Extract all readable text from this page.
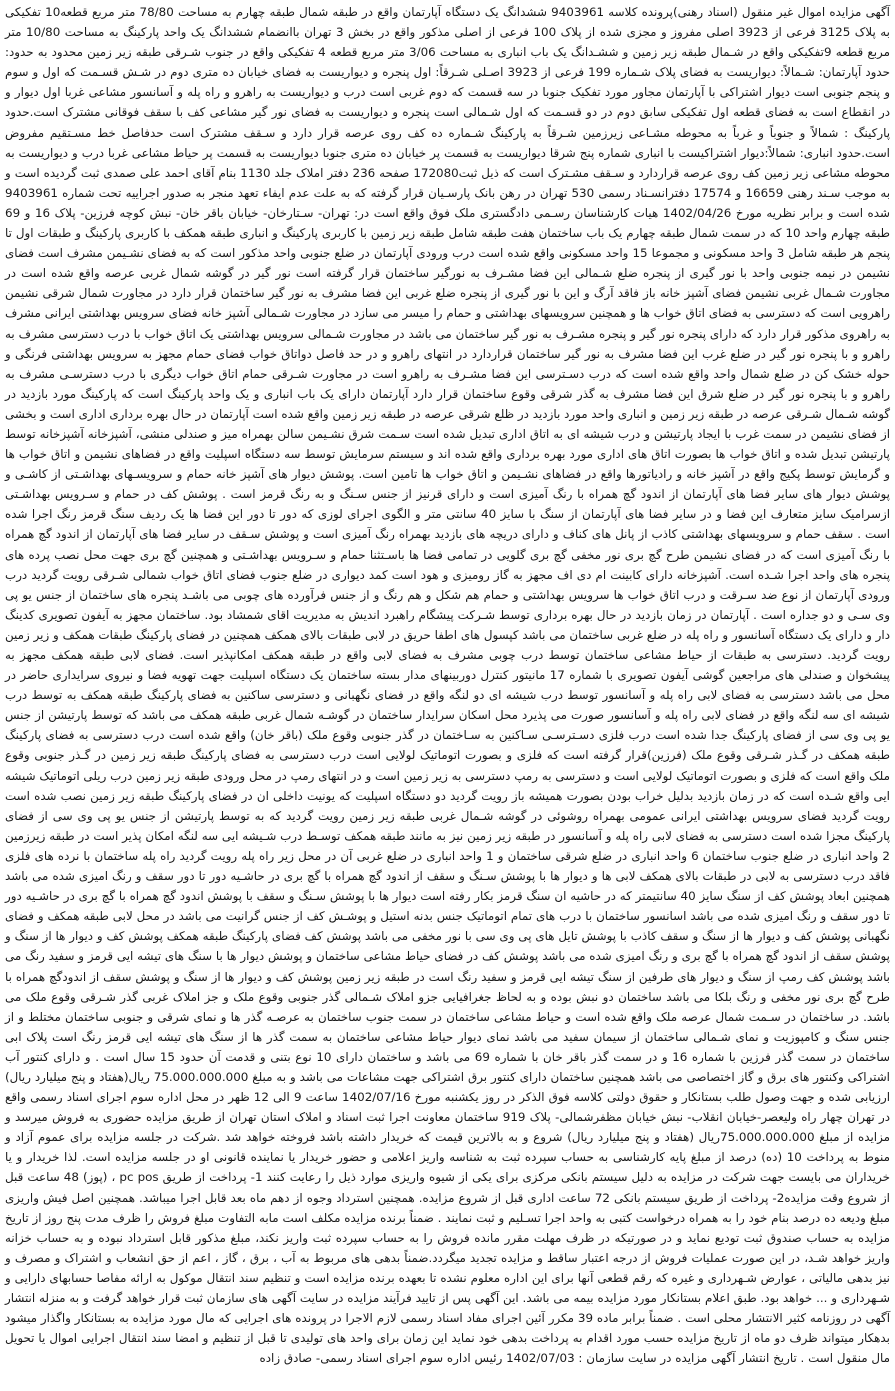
آگهی مزایده اموال غیر منقول (اسناد رهنی)پرونده کلاسه 9403961 ششدانگ یک دستگاه آپارتمان واقع در طبقه شمال طبقه چهارم به مساحت 78/80 متر مربع قطعه10 تفکیکی به پلاک 3125 فرعی از 3923 اصلی مفروز و مجزی شده از پلاک 100 فرعی از اصلی مذکور واقع در بخش 3 تهران باانضمام ششدانگ یک واحد پارکینگ به مساحت 10/80 متر مربع قطعه 9تفکیکی واقع در شـمال طبقه زیر زمین و ششـدانگ یک باب انباری به مساحت 3/06 متر مربع قطعه 4 تفکیکی واقع در جنوب شـرقی طبقه زیر زمین محدود به حدود: حدود آپارتمان: شـمالاً: دیواریست به فضای پلاک شـماره 199 فرعی از 3923 اصـلی شـرقاً: اول پنجره و دیواریست به فضای خیابان ده متری دوم در شـش قسـمت که اول و سوم و پنجم جنوبی است دیوار اشتراکی با آپارتمان مجاور مورد تفکیک جنوبا در سه قسمت که دوم غربی است درب و دیواریست به راهرو و راه پله و آسانسور مشاعی غربا اول دیوار و در انقطاع است به فضای قطعه اول تفکیکی سابق دوم در دو قسـمت که اول شـمالی است پنجره و دیواریست به فضای نور گیر مشاعی کف با سقف فوقانی مشترک است.حدود پارکینگ : شمالاً و جنوباً و غرباً به محوطه مشـاعی زیرزمین شـرقاً به پارکینگ شـماره ده کف روی عرصه قرار دارد و سـقف مشترک است حدفاصل خط مسـتقیم مفروض است.حدود انباری: شمالاً:دیوار اشتراکیست با انباری شماره پنج شرقا دیواریست به قسمت پر خیابان ده متری جنوبا دیواریست به قسمت پر حیاط مشاعی غربا درب و دیواریست به محوطه مشاعی زیر زمین کف روی عرصه قراردارد و سـقف مشـترک است که ذیل ثبت172080 صفحه 236 دفتر املاک جلد 1130 بنام آقای احمد علی صمدی ثبت گردیده است و به موجب سـند رهنی 16659 و 17574 دفترانسـناد رسمی 530 تهران در رهن بانک پارسـیان قرار گرفته که به علت عدم ایفاء تعهد منجر به صدور اجراییه تحت شماره 9403961 شده است و برابر نظریه مورخ 1402/04/26 هیات کارشناسان رسـمی دادگستری ملک فوق واقع است در: تهران- سـتارخان- خیابان باقر خان- نبش کوچه فرزین- پلاک 16 و 69 طبقه چهارم واحد 10 که در سمت شمال طبقه چهارم یک باب ساختمان هفت طبقه شامل طبقه زیر زمین با کاربری پارکینگ و انباری طبقه همکف با کاربری پارکینگ و طبقات اول تا پنجم هر طبقه شامل 3 واحد مسکونی و مجموعا 15 واحد مسکونی واقع شده است درب ورودی آپارتمان در ضلع جنوبی واحد مذکور است که به فضای نشـیمن مشرف است فضای نشیمن در نیمه جنوبی واحد با نور گیری از پنجره ضلع شـمالی این فضا مشـرف به نورگیر ساختمان قرار گرفته است نور گیر در گوشه شمال غربی عرصه واقع شده است در مجاورت شـمال غربی نشیمن فضای آشپز خانه باز فاقد آرگ و این با نور گیری از پنجره ضلع غربی این فضا مشرف به نور گیر ساختمان قرار دارد در مجاورت شمال شرقی نشیمن راهرویی است که دسترسی به فضای اتاق خواب ها و همچنین سرویسهای بهداشتی و حمام را میسر می سازد در مجاورت شـمالی آشپز خانه فضای سرویس بهداشتی ایرانی مشرف به راهروی مذکور قرار دارد که دارای پنجره نور گیر و پنجره مشـرف به نور گیر ساختمان می باشد در مجاورت شـمالی سرویس بهداشتی یک اتاق خواب با درب دسترسی مشرف به راهرو و با پنجره نور گیر در ضلع غرب این فضا مشرف به نور گیر ساختمان قراردارد در انتهای راهرو و در حد فاصل دواتاق خواب فضای حمام مجهز به سرویس بهداشتی فرنگی و حوله خشک کن در ضلع شمال واحد واقع شده است که درب دسـترسی این فضا مشـرف به راهرو است در مجاورت شـرقی حمام اتاق خواب دیگری با درب دسترسـی مشرف به راهرو و با پنجره نور گیر در ضلع شرق این فضا مشرف به گذر شرقی وقوع ساختمان قرار دارد آپارتمان دارای یک باب انباری و یک واحد پارکینگ است که پارکینگ مورد بازدید در گوشه شـمال شـرقی عرصه در طبقه زیر زمین و انباری واحد مورد بازدید در ظلع شرقی عرصه در طبقه زیر زمین واقع شده است آپارتمان در حال بهره برداری اداری است و بخشی از فضای نشیمن در سمت غرب با ایجاد پارتیشن و درب شیشه ای به اتاق اداری تبدیل شده است سـمت شرق نشـیمن سالن بهمراه میز و صندلی منشی، آشپزخانه آشپزخانه توسط پارتیشن تبدیل شده و اتاق خواب ها بصورت اتاق های اداری مورد بهره برداری واقع شده اند و سیستم سرمایش توسط سه دستگاه اسپلیت واقع در فضاهای نشیمن و اتاق خواب ها و گرمایش توسط پکیج واقع در آشپز خانه و رادیاتورها واقع در فضاهای نشـیمن و اتاق خواب ها تامین است. پوشش دیوار های آشپز خانه حمام و سرویسـهای بهداشـتی از کاشـی و پوشش دیوار های سایر فضا های آپارتمان از اندود گچ همراه با رنگ آمیزی است و دارای قرنیز از جنس سـنگ و به رنگ قرمز است . پوشش کف در حمام و سـرویس بهداشـتی ازسرامیک سایز متعارف این فضا و در سایر فضا های آپارتمان از سنگ با سایز 40 سانتی متر و الگوی اجرای لوزی که دور تا دور این فضا ها یک ردیف سنگ قرمز رنگ اجرا شده است . سقف حمام و سرویسهای بهداشتی کاذب از پانل های کناف و دارای دریچه های بازدید بهمراه رنگ آمیزی است و پوشش سـقف در سایر فضا های آپارتمان از اندود گچ همراه با رنگ آمیزی است که در فضای نشیمن طرح گچ بری نور مخفی گچ بری گلویی در تمامی فضا ها باسـتثنا حمام و سـرویس بهداشـتی و همچنین گچ بری جهت محل نصب پرده های پنجره های واحد اجرا شـده است. آشپزخانه دارای کابینت ام دی اف مجهز به گاز رومیزی و هود است کمد دیواری در ضلع جنوب فضای اتاق خواب شمالی شـرقی رویت گردید درب ورودی آپارتمان از نوع ضد سـرقت و درب اتاق خواب ها سرویس بهداشتی و حمام هم شکل و هم رنگ و از جنس فرآورده های چوبی می باشـد پنجره های ساختمان از جنس یو پی وی سـی و دو جداره است . آپارتمان در زمان بازدید در حال بهره برداری توسط شـرکت پیشگام راهبرد اندیش به مدیریت اقای شمشاد بود. ساختمان مجهز به آیفون تصویری کدینگ دار و دارای یک دستگاه آسانسور و راه پله در ضلع غربی ساختمان می باشد کپسول های اطفا حریق در لابی طبقات بالای همکف همچنین در فضای پارکینگ طبقات همکف و زیر زمین رویت گردید. دسترسی به طبقات از حیاط مشاعی ساختمان توسط درب چوبی مشرف به فضای لابی واقع در طبقه همکف امکانپذیر است. فضای لابی طبقه همکف مجهز به پیشخوان و صندلی های مراجعین گوشی آیفون تصویری با شماره 17 مانیتور کنترل دوربینهای مدار بسته ساختمان یک دستگاه اسپلیت جهت تهویه فضا و نیروی سرایداری حاضر در محل می باشد دسترسی به فضای لابی راه پله و آسانسور توسط درب شیشه ای دو لنگه واقع در فضای نگهبانی و دسترسی ساکنین به فضای پارکینگ طبقه همکف به توسط درب شیشه ای سه لنگه واقع در فضای لابی راه پله و آسانسور صورت می پذیرد محل اسکان سرایدار ساختمان در گوشـه شمال غربی طبقه همکف می باشد که توسط پارتیشن از جنس یو پی وی سی از فضای پارکینگ جدا شده است درب فلزی دسـترسـی سـاکنین به سـاختمان در گذر جنوبی وقوع ملک (باقر خان) واقع شده است درب دسترسی به فضای پارکینگ طبقه همکف در گـذر شـرقی وقوع ملک (فرزین)قرار گرفته است که فلزی و بصورت اتوماتیک لولایی است درب دسترسی به فضای پارکینگ طبقه زیر زمین در گـذر جنوبی وقوع ملک واقع است که فلزی و بصورت اتوماتیک لولایی است و دسترسی به رمپ دسترسی به زیر زمین است و در انتهای رمپ در محل ورودی طبقه زیر زمین درب ریلی اتوماتیک شیشه ایی واقع شـده است که در زمان بازدید بدلیل خراب بودن بصورت همیشه باز رویت گردید دو دستگاه اسپلیت که یونیت داخلی ان در فضای پارکینگ طبقه زیر زمین نصب شده است رویت گردید فضای سرویس بهداشتی ایرانی عمومی بهمراه روشوئی در گوشه شـمال غربی طبقه زیر زمین رویت گردید که به توسط پارتیشن از جنس یو پی وی سی از فضای پارکینگ مجزا شده است دسترسی به فضای لابی راه پله و آسانسور در طبقه زیر زمین نیز به مانند طبقه همکف توسـط درب شـیشه ایی سه لنگه امکان پذیر است در طبقه زیرزمین 2 واحد انباری در ضلع جنوب ساختمان 6 واحد انباری در ضلع شرقی ساختمان و 1 واحد انباری در ضلع غربی آن در محل زیر راه پله رویت گردید راه پله ساختمان با نرده های فلزی فاقد درب دسترسی به لابی در طبقات بالای همکف لابی ها و دیوار ها با پوشش سـنگ و سقف از اندود گچ همراه با گچ بری در حاشـیه دور تا دور سقف و رنگ امیزی شده می باشد همچنین ابعاد پوشش کف از سنگ سایز 40 سانتیمتر که در حاشیه ان سنگ قرمز بکار رفته است دیوار ها با پوشش سـنگ و سقف با پوشش اندود گچ همراه با گچ بری در حاشـیه دور تا دور سقف و رنگ امیزی شده می باشد اسانسور ساختمان با درب های تمام اتوماتیک جنس بدنه استیل و پوشـش کف از جنس گرانیت می باشد در محل لابی طبقه همکف و فضای نگهبانی پوشش کف و دیوار ها از سنگ و سقف کاذب با پوشش تایل های پی وی سی با نور مخفی می باشد پوشش کف فضای پارکینگ طبقه همکف پوشش کف و دیوار ها از سنگ و پوشش سقف از اندود گچ همراه با گچ بری و رنگ امیزی شده می باشد پوشش کف در فضای حیاط مشاعی ساختمان و پوشش دیوار ها با سنگ های تیشه ایی قرمز و سفید رنگ می باشد پوشش کف رمپ از سنگ و دیوار های طرفین از سنگ تیشه ایی قرمز و سفید رنگ است در طبقه زیر زمین پوشش کف و دیوار ها از سنگ و پوشش سقف از اندودگچ همراه با طرح گچ بری نور مخفی و رنگ بلکا می باشد ساختمان دو نبش بوده و به لحاظ جغرافیایی جزو املاک شـمالی گذر جنوبی وقوع ملک و جز املاک غربی گذر شـرقی وقوع ملک می باشد. در ساختمان در سـمت شمال عرصه ملک واقع شده است و حیاط مشاعی ساختمان در سمت جنوب ساختمان به عرصـه گذر ها و نمای شرقی و جنوبی ساختمان مختلط و از جنس سنگ و کامپوزیت و نمای شـمالی ساختمان از سیمان سفید می باشد نمای دیوار حیاط مشاعی ساختمان به سمت گذر ها از سنگ های تیشه ایی قرمز رنگ است پلاک ابی ساختمان در سمت گذر فرزین با شماره 16 و در سمت گذر باقر خان با شماره 69 می باشد و ساختمان دارای 10 نوع بتنی و قدمت آن حدود 15 سال است . و دارای کنتور آب اشتراکی وکنتور های برق و گاز اختصاصی می باشد همچنین ساختمان دارای کنتور برق اشتراکی جهت مشاعات می باشد و به مبلغ 75.000.000.000 ریال(هفتاد و پنج میلیارد ریال) ارزیابی شده و جهت وصول طلب بستانکار و حقوق دولتی کلاسه فوق الذکر در روز یکشنبه مورخ 1402/07/16 ساعت 9 الی 12 ظهر در محل اداره سوم اجرای اسناد رسمی واقع در تهران چهار راه ولیعصر-خیابان انقلاب- نبش خیابان مظفرشمالی- پلاک 919 ساختمان معاونت اجرا ثبت اسناد و املاک استان تهران از طریق مزایده حضوری به فروش میرسد و مزایده از مبلغ 75.000.000.000ریال (هفتاد و پنج میلیارد ریال) شروع و به بالاترین قیمت که خریدار داشته باشد فروخته خواهد شد .شرکت در جلسه مزایده برای عموم آزاد و منوط به پرداخت 10 (ده) درصد از مبلغ پایه کارشناسی به حساب سپرده ثبت به شناسه واریز اعلامی و حضور خریدار یا نماینده قانونی او در جلسه مزایده است. لذا خریدار و یا خریداران می بایست جهت شرکت در مزایده به دلیل سیستم بانکی مرکزی برای یکی از شیوه واریزی موارد ذیل را رعایت کنند 1- پرداخت از طریق pc pos ، (پوز) 48 ساعت قبل از شروع وقت مزایده2- پرداخت از طریق سیستم بانکی 72 ساعت اداری قبل از شروع مزایده. همچنین استرداد وجوه از دهم ماه بعد قابل اجرا میباشد. همچنین اصل فیش واریزی مبلغ ودیعه ده درصد بنام خود را به همراه درخواست کتبی به واحد اجرا تسـلیم و ثبت نمایند . ضمناً برنده مزایده مکلف است مابه التفاوت مبلغ فروش را ظرف مدت پنج روز از تاریخ مزایده به حساب صندوق ثبت تودیع نماید و در صورتیکه در ظرف مهلت مقرر مانده فروش را به حساب سپرده ثبت واریز نکند، مبلغ مذکور قابل استرداد نبوده و به حساب خزانه واریز خواهد شـد، در این صورت عملیات فروش از درجه اعتبار ساقط و مزایده تجدید میگردد.ضمناً بدهی های مربوط به آب ، برق ، گاز ، اعم از حق انشعاب و اشتراک و مصرف و نیز بدهی مالیاتی ، عوارض شـهرداری و غیره که رقم قطعی آنها برای این اداره معلوم نشده تا بعهده برنده مزایده است و تنظیم سند انتقال موکول به ارائه مفاصا حسابهای دارایی و شـهرداری و ... خواهد بود. طبق اعلام بستانکار مورد مزایده بیمه می باشد. این آگهی پس از تایید فرآیند مزایده در سایت آگهی های سازمان ثبت قرار خواهد گرفت و به منزله انتشار آگهی در روزنامه کثیر الانتشار محلی است . ضمناً برابر ماده 39 مکرر آئین اجرای مفاد اسناد رسمی لازم الاجرا در پرونده های اجرایی که مال مورد مزایده به بستانکار واگذار میشود بدهکار میتواند ظرف دو ماه از تاریخ مزایده حسب مورد اقدام به پرداخت بدهی خود نماید این زمان برای واحد های تولیدی تا قبل از تنظیم و امضا سند انتقال اجرایی اموال یا تحویل مال منقول است . تاریخ انتشار آگهی مزایده در سایت سازمان : 1402/07/03 رئیس اداره سوم اجرای اسناد رسمی- صادق زاده
